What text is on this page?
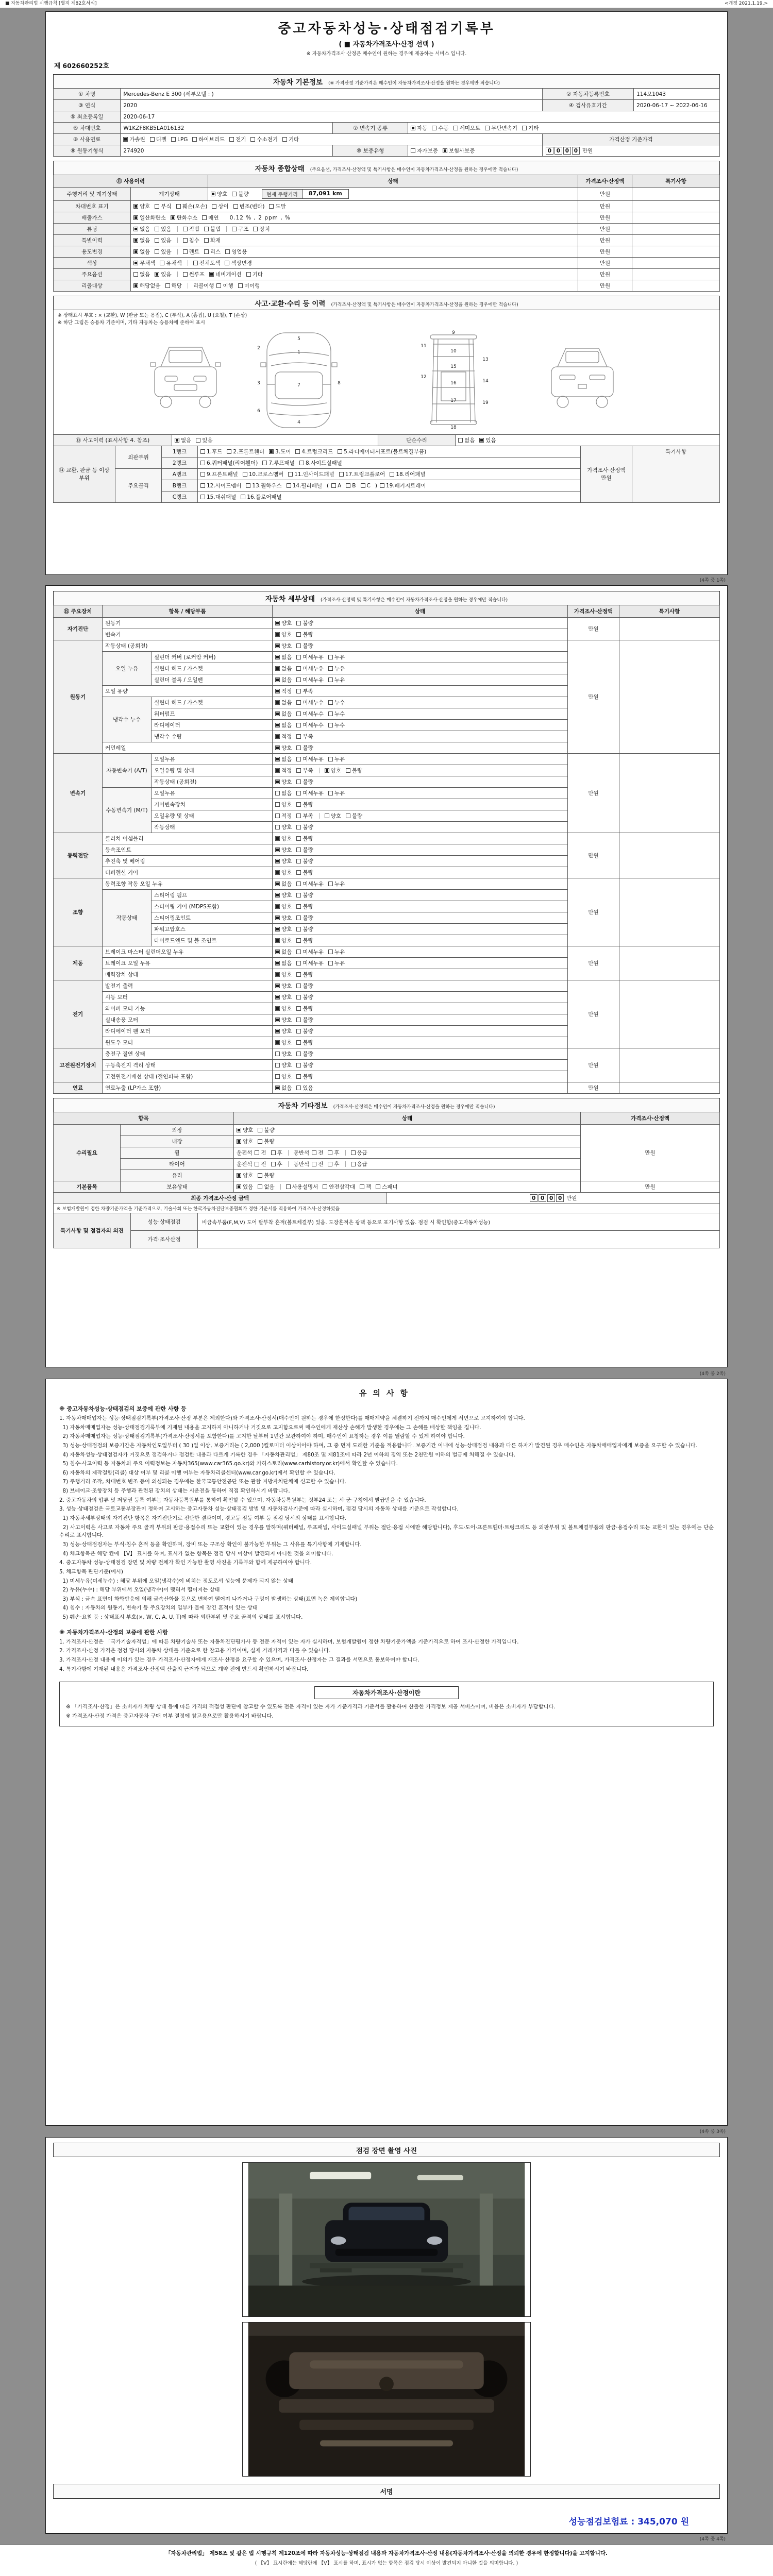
■ 자동차관리법 시행규칙 [별지 제82호서식]	<개정 2021.1.19.>
중고자동차성능·상태점검기록부
( ■ 자동차가격조사·산정 선택 )
※ 자동차가격조사·산정은 매수인이 원하는 경우에 제공하는 서비스 입니다.
제 602660252호
자동차 기본정보 (※ 가격산정 기준가격은 매수인이 자동차가격조사·산정을 원하는 경우에만 적습니다)
① 차명	Mercedes-Benz E 300 (세부모델 : )			② 자동차등록번호	114모1043
③ 연식	2020			④ 검사유효기간	2020-06-17 ~ 2022-06-16
⑤ 최초등록일	2020-06-17				
⑥ 차대번호	W1KZF8KB5LA016132	⑦ 변속기 종류	자동 수동 세미오토 무단변속기 기타		
⑧ 사용연료	가솔린 디젤 LPG 하이브리드 전기 수소전기 기타			가격산정 기준가격	
⑨ 원동기형식	274920	⑩ 보증유형	자가보증 보험사보증	0 0 0 0 만원	
자동차 종합상태 (주요옵션, 가격조사·산정액 및 특기사항은 매수인이 자동차가격조사·산정을 원하는 경우에만 적습니다)
⑪ 사용이력		상태	가격조사·산정액	특기사항
주행거리 및 계기상태	계기상태	양호 불량 현재 주행거리 87,091 km	만원	
차대번호 표기	양호 부식 훼손(오손) 상이 변조(변타) 도말		만원	
배출가스	일산화탄소 탄화수소 매연 0.12 % , 2 ppm , %		만원	
튜닝	없음 있음 적법 불법 구조 장치		만원	
특별이력	없음 있음 침수 화재		만원	
용도변경	없음 있음 렌트 리스 영업용		만원	
색상	무채색 유채색 전체도색 색상변경		만원	
주요옵션	없음 있음 썬루프 네비게이션 기타		만원	
리콜대상	해당없음 해당 리콜이행 이행 미이행		만원	
사고·교환·수리 등 이력 (가격조사·산정액 및 특기사항은 매수인이 자동차가격조사·산정을 원하는 경우에만 적습니다)
※ 상태표시 부호 : × (교환), W (판금 또는 용접), C (부식), A (흠집), U (요철), T (손상)
※ 하단 그림은 승용차 기준이며, 기타 자동차는 승용차에 준하여 표시
1
5
2
3
6
7
4
8
9
10
11
12
13
14
15
16
17
18
19
⑬ 사고이력 (표시사항 4. 참조)	없음 있음	단순수리	없음 있음
⑭ 교환, 판금 등 이상 부위	외판부위	1랭크	1.후드 2.프론트휀더 3.도어 4.트렁크리드 5.라디에이터서포트(볼트체결부품)	가격조사·산정액
만원	특기사항
		2랭크	6.쿼터패널(리어휀더) 7.루프패널 8.사이드실패널		
	주요골격	A랭크	9.프론트패널 10.크로스멤버 11.인사이드패널 17.트렁크플로어 18.리어패널		
		B랭크	12.사이드멤버 13.휠하우스 14.필러패널 ( A B C ) 19.패키지트레이		
		C랭크	15.대쉬패널 16.플로어패널		
(4쪽 중 1쪽)
자동차 세부상태 (가격조사·산정액 및 특기사항은 매수인이 자동차가격조사·산정을 원하는 경우에만 적습니다)
⑮ 주요장치	항목 / 해당부품		상태	가격조사·산정액	특기사항
자기진단	원동기		양호 불량	만원	
	변속기		양호 불량		
원동기	작동상태 (공회전)		양호 불량	만원	
	오일 누유	실린더 커버 (로커암 커버)	없음 미세누유 누유		
		실린더 헤드 / 가스켓	없음 미세누유 누유		
		실린더 블록 / 오일팬	없음 미세누유 누유		
	오일 유량		적정 부족		
	냉각수 누수	실린더 헤드 / 가스켓	없음 미세누수 누수		
		워터펌프	없음 미세누수 누수		
		라디에이터	없음 미세누수 누수		
		냉각수 수량	적정 부족		
	커먼레일		양호 불량		
변속기	자동변속기 (A/T)	오일누유	없음 미세누유 누유	만원	
		오일유량 및 상태	적정 부족 양호 불량		
		작동상태 (공회전)	양호 불량		
	수동변속기 (M/T)	오일누유	없음 미세누유 누유		
		기어변속장치	양호 불량		
		오일유량 및 상태	적정 부족 양호 불량		
		작동상태	양호 불량		
동력전달	클러치 어셈블리		양호 불량	만원	
	등속조인트		양호 불량		
	추진축 및 베어링		양호 불량		
	디퍼렌셜 기어		양호 불량		
조향	동력조향 작동 오일 누유		없음 미세누유 누유	만원	
	작동상태	스티어링 펌프	양호 불량		
		스티어링 기어 (MDPS포함)	양호 불량		
		스티어링조인트	양호 불량		
		파워고압호스	양호 불량		
		타이로드엔드 및 볼 조인트	양호 불량		
제동	브레이크 마스터 실린더오일 누유		없음 미세누유 누유	만원	
	브레이크 오일 누유		없음 미세누유 누유		
	배력장치 상태		양호 불량		
전기	발전기 출력		양호 불량	만원	
	시동 모터		양호 불량		
	와이퍼 모터 기능		양호 불량		
	실내송풍 모터		양호 불량		
	라디에이터 팬 모터		양호 불량		
	윈도우 모터		양호 불량		
고전원전기장치	충전구 절연 상태		양호 불량	만원	
	구동축전지 격리 상태		양호 불량		
	고전원전기배선 상태 (절연피복 포함)		양호 불량		
연료	연료누출 (LP가스 포함)		없음 있음	만원	
자동차 기타정보 (가격조사·산정액은 매수인이 자동차가격조사·산정을 원하는 경우에만 적습니다)
항목		상태	가격조사·산정액
수리필요	외장	양호 불량	만원
	내장	양호 불량	
	휠	운전석 전 후 동반석 전 후 응급	
	타이어	운전석 전 후 동반석 전 후 응급	
	유리	양호 불량	
기본품목	보유상태	있음 없음 사용설명서 안전삼각대 잭 스패너	만원
최종 가격조사·산정 금액	0 0 0 0 만원
※ 보험개발원이 정한 차량기준가액을 기준가격으로, 기술사회 또는 한국자동차진단보증협회가 정한 기준서를 적용하여 가격조사·산정하였음
특기사항 및 점검자의 의견	성능·상태점검	비금속부품(F,M,V) 도어 탈부착 흔적(볼트체결부) 있음. 도장흔적은 광택 등으로 표기사항 있음. 점검 시 확인함(중고자동차성능)
	가격·조사산정	
(4쪽 중 2쪽)
유의사항
※ 중고자동차성능·상태점검의 보증에 관한 사항 등

1. 자동차매매업자는 성능·상태점검기록부(가격조사·산정 부분은 제외한다)와 가격조사·산정서(매수인이 원하는 경우에 한정한다)를 매매계약을 체결하기 전까지 매수인에게 서면으로 고지하여야 합니다.

1) 자동차매매업자는 성능·상태점검기록부에 기재된 내용을 고지하지 아니하거나 거짓으로 고지함으로써 매수인에게 재산상 손해가 발생한 경우에는 그 손해를 배상할 책임을 집니다.

2) 자동차매매업자는 성능·상태점검기록부(가격조사·산정서를 포함한다)를 고지한 날부터 1년간 보관하여야 하며, 매수인이 요청하는 경우 이를 열람할 수 있게 하여야 합니다.

3) 성능·상태점검의 보증기간은 자동차인도일부터 ( 30 )일 이상, 보증거리는 ( 2,000 )킬로미터 이상이어야 하며, 그 중 먼저 도래한 기준을 적용합니다. 보증기간 이내에 성능·상태점검 내용과 다른 하자가 발견된 경우 매수인은 자동차매매업자에게 보증을 요구할 수 있습니다.

4) 자동차성능·상태점검자가 거짓으로 점검하거나 점검한 내용과 다르게 기록한 경우 「자동차관리법」 제80조 및 제81조에 따라 2년 이하의 징역 또는 2천만원 이하의 벌금에 처해질 수 있습니다.

5) 침수·사고이력 등 자동차의 주요 이력정보는 자동차365(www.car365.go.kr)와 카히스토리(www.carhistory.or.kr)에서 확인할 수 있습니다.

6) 자동차의 제작결함(리콜) 대상 여부 및 리콜 이행 여부는 자동차리콜센터(www.car.go.kr)에서 확인할 수 있습니다.

7) 주행거리 조작, 차대번호 변조 등이 의심되는 경우에는 한국교통안전공단 또는 관할 지방자치단체에 신고할 수 있습니다.

8) 브레이크·조향장치 등 주행과 관련된 장치의 상태는 시운전을 통하여 직접 확인하시기 바랍니다.

2. 중고자동차의 압류 및 저당권 등록 여부는 자동차등록원부를 통하여 확인할 수 있으며, 자동차등록원부는 정부24 또는 시·군·구청에서 발급받을 수 있습니다.

3. 성능·상태점검은 국토교통부장관이 정하여 고시하는 중고자동차 성능·상태점검 방법 및 자동차검사기준에 따라 실시하며, 점검 당시의 자동차 상태를 기준으로 작성합니다.

1) 자동차세부상태의 자기진단 항목은 자기진단기로 진단한 결과이며, 경고등 점등 여부 등 점검 당시의 상태를 표시합니다.

2) 사고이력은 사고로 자동차 주요 골격 부위의 판금·용접수리 또는 교환이 있는 경우를 말하며(쿼터패널, 루프패널, 사이드실패널 부위는 절단·용접 시에만 해당합니다), 후드·도어·프론트휀더·트렁크리드 등 외판부위 및 볼트체결부품의 판금·용접수리 또는 교환이 있는 경우에는 단순수리로 표시합니다.

3) 성능·상태점검자는 부식·침수 흔적 등을 확인하며, 장비 또는 구조상 확인이 불가능한 부위는 그 사유를 특기사항에 기재합니다.

4) 체크항목은 해당 칸에 【Ⅴ】 표시를 하며, 표시가 없는 항목은 점검 당시 이상이 발견되지 아니한 것을 의미합니다.

4. 중고자동차 성능·상태점검 장면 및 차량 전체가 확인 가능한 촬영 사진을 기록부와 함께 제공하여야 합니다.

5. 체크항목 판단기준(예시)

1) 미세누유(미세누수) : 해당 부위에 오일(냉각수)이 비치는 정도로서 성능에 문제가 되지 않는 상태

2) 누유(누수) : 해당 부위에서 오일(냉각수)이 맺혀서 떨어지는 상태

3) 부식 : 금속 표면이 화학반응에 의해 금속산화물 등으로 변하여 떨어져 나가거나 구멍이 발생하는 상태(표면 녹은 제외합니다)

4) 침수 : 자동차의 원동기, 변속기 등 주요장치의 일부가 물에 잠긴 흔적이 있는 상태

5) 훼손·요철 등 : 상태표시 부호(×, W, C, A, U, T)에 따라 외판부위 및 주요 골격의 상태를 표시합니다.

※ 자동차가격조사·산정의 보증에 관한 사항

1. 가격조사·산정은 「국가기술자격법」에 따른 차량기술사 또는 자동차진단평가사 등 전문 자격이 있는 자가 실시하며, 보험개발원이 정한 차량기준가액을 기준가격으로 하여 조사·산정한 가격입니다.

2. 가격조사·산정 가격은 점검 당시의 자동차 상태를 기준으로 한 참고용 가격이며, 실제 거래가격과 다를 수 있습니다.

3. 가격조사·산정 내용에 이의가 있는 경우 가격조사·산정자에게 재조사·산정을 요구할 수 있으며, 가격조사·산정자는 그 결과를 서면으로 통보하여야 합니다.

4. 특기사항에 기재된 내용은 가격조사·산정액 산출의 근거가 되므로 계약 전에 반드시 확인하시기 바랍니다.

자동차가격조사·산정이란

※ 「가격조사·산정」은 소비자가 차량 상태 등에 따른 가격의 적절성 판단에 참고할 수 있도록 전문 자격이 있는 자가 기준가격과 기준서를 활용하여 산출한 가격정보 제공 서비스이며, 비용은 소비자가 부담합니다.

※ 가격조사·산정 가격은 중고자동차 구매 여부 결정에 참고용으로만 활용하시기 바랍니다.

(4쪽 중 3쪽)
점검 장면 촬영 사진
서명
성능점검보험료 : 345,070 원
(4쪽 중 4쪽)
「자동차관리법」 제58조 및 같은 법 시행규칙 제120조에 따라 자동차성능·상태점검 내용과 자동차가격조사·산정 내용(자동차가격조사·산정을 의뢰한 경우에 한정합니다)을 고지합니다.
( 【Ⅴ】 표시란에는 해당란에 【Ⅴ】 표시를 하며, 표시가 없는 항목은 점검 당시 이상이 발견되지 아니한 것을 의미합니다. )
